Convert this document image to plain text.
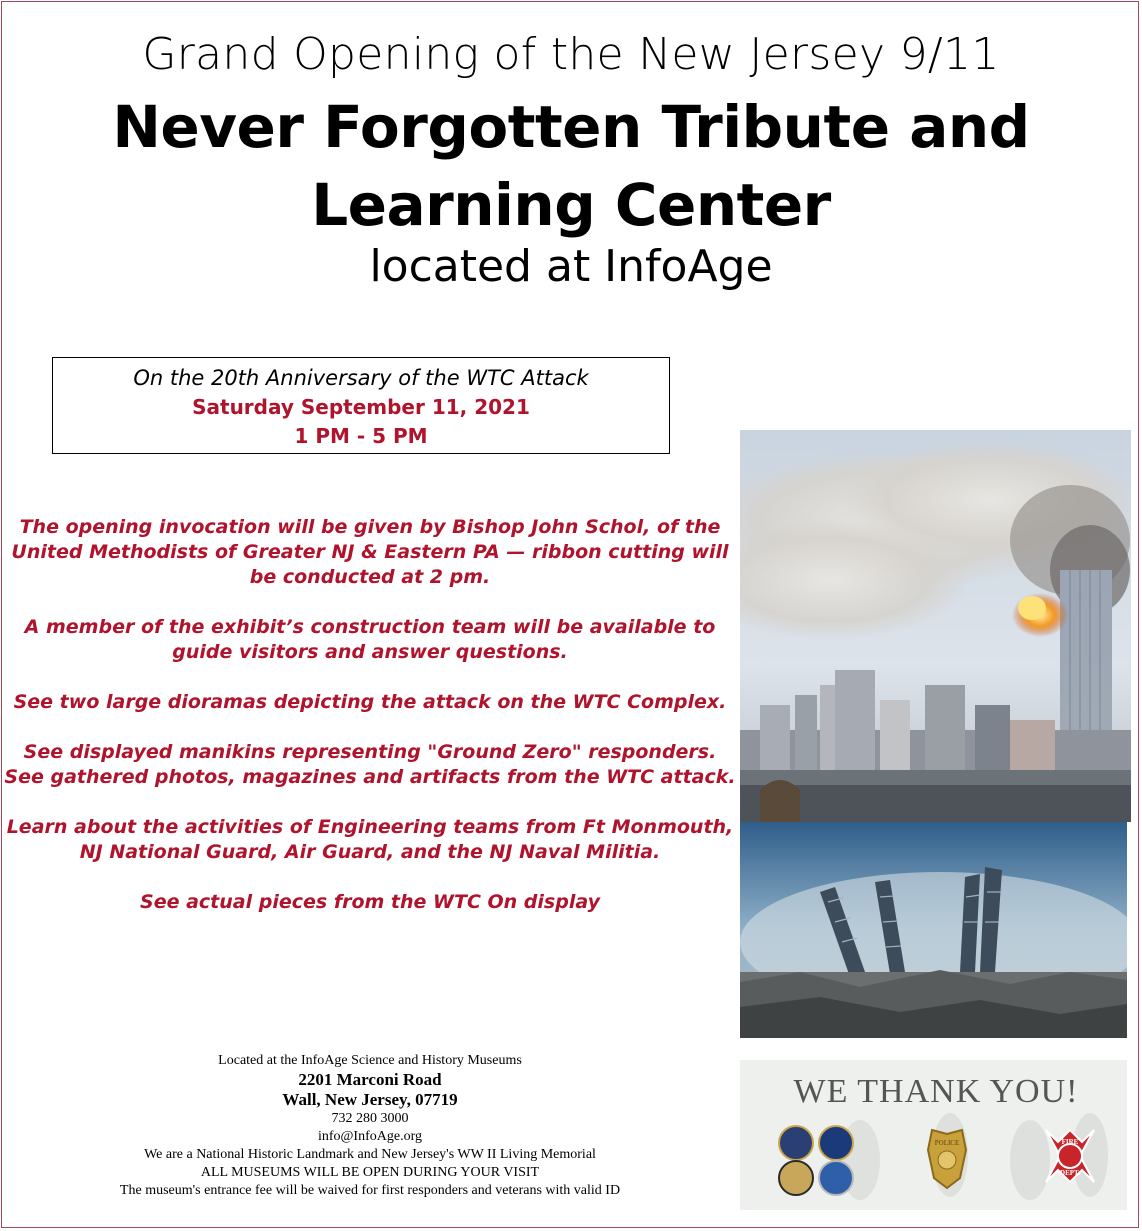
Grand Opening of the New Jersey 9/11
Never Forgotten Tribute and
Learning Center
located at InfoAge
On the 20th Anniversary of the WTC Attack
Saturday September 11, 2021
1 PM - 5 PM

The opening invocation will be given by Bishop John Schol, of the United Methodists of Greater NJ & Eastern PA — ribbon cutting will be conducted at 2 pm.

A member of the exhibit’s construction team will be available to guide visitors and answer questions.

See two large dioramas depicting the attack on the WTC Complex.

See displayed manikins representing "Ground Zero" responders. See gathered photos, magazines and artifacts from the WTC attack.

Learn about the activities of Engineering teams from Ft Monmouth, NJ National Guard, Air Guard, and the NJ Naval Militia.

See actual pieces from the WTC On display

Located at the InfoAge Science and History Museums
2201 Marconi Road
Wall, New Jersey, 07719
732 280 3000
info@InfoAge.org
We are a National Historic Landmark and New Jersey's WW II Living Memorial
ALL MUSEUMS WILL BE OPEN DURING YOUR VISIT
The museum's entrance fee will be waived for first responders and veterans with valid ID
WE THANK YOU!
POLICE	FIRE
DEPT.
